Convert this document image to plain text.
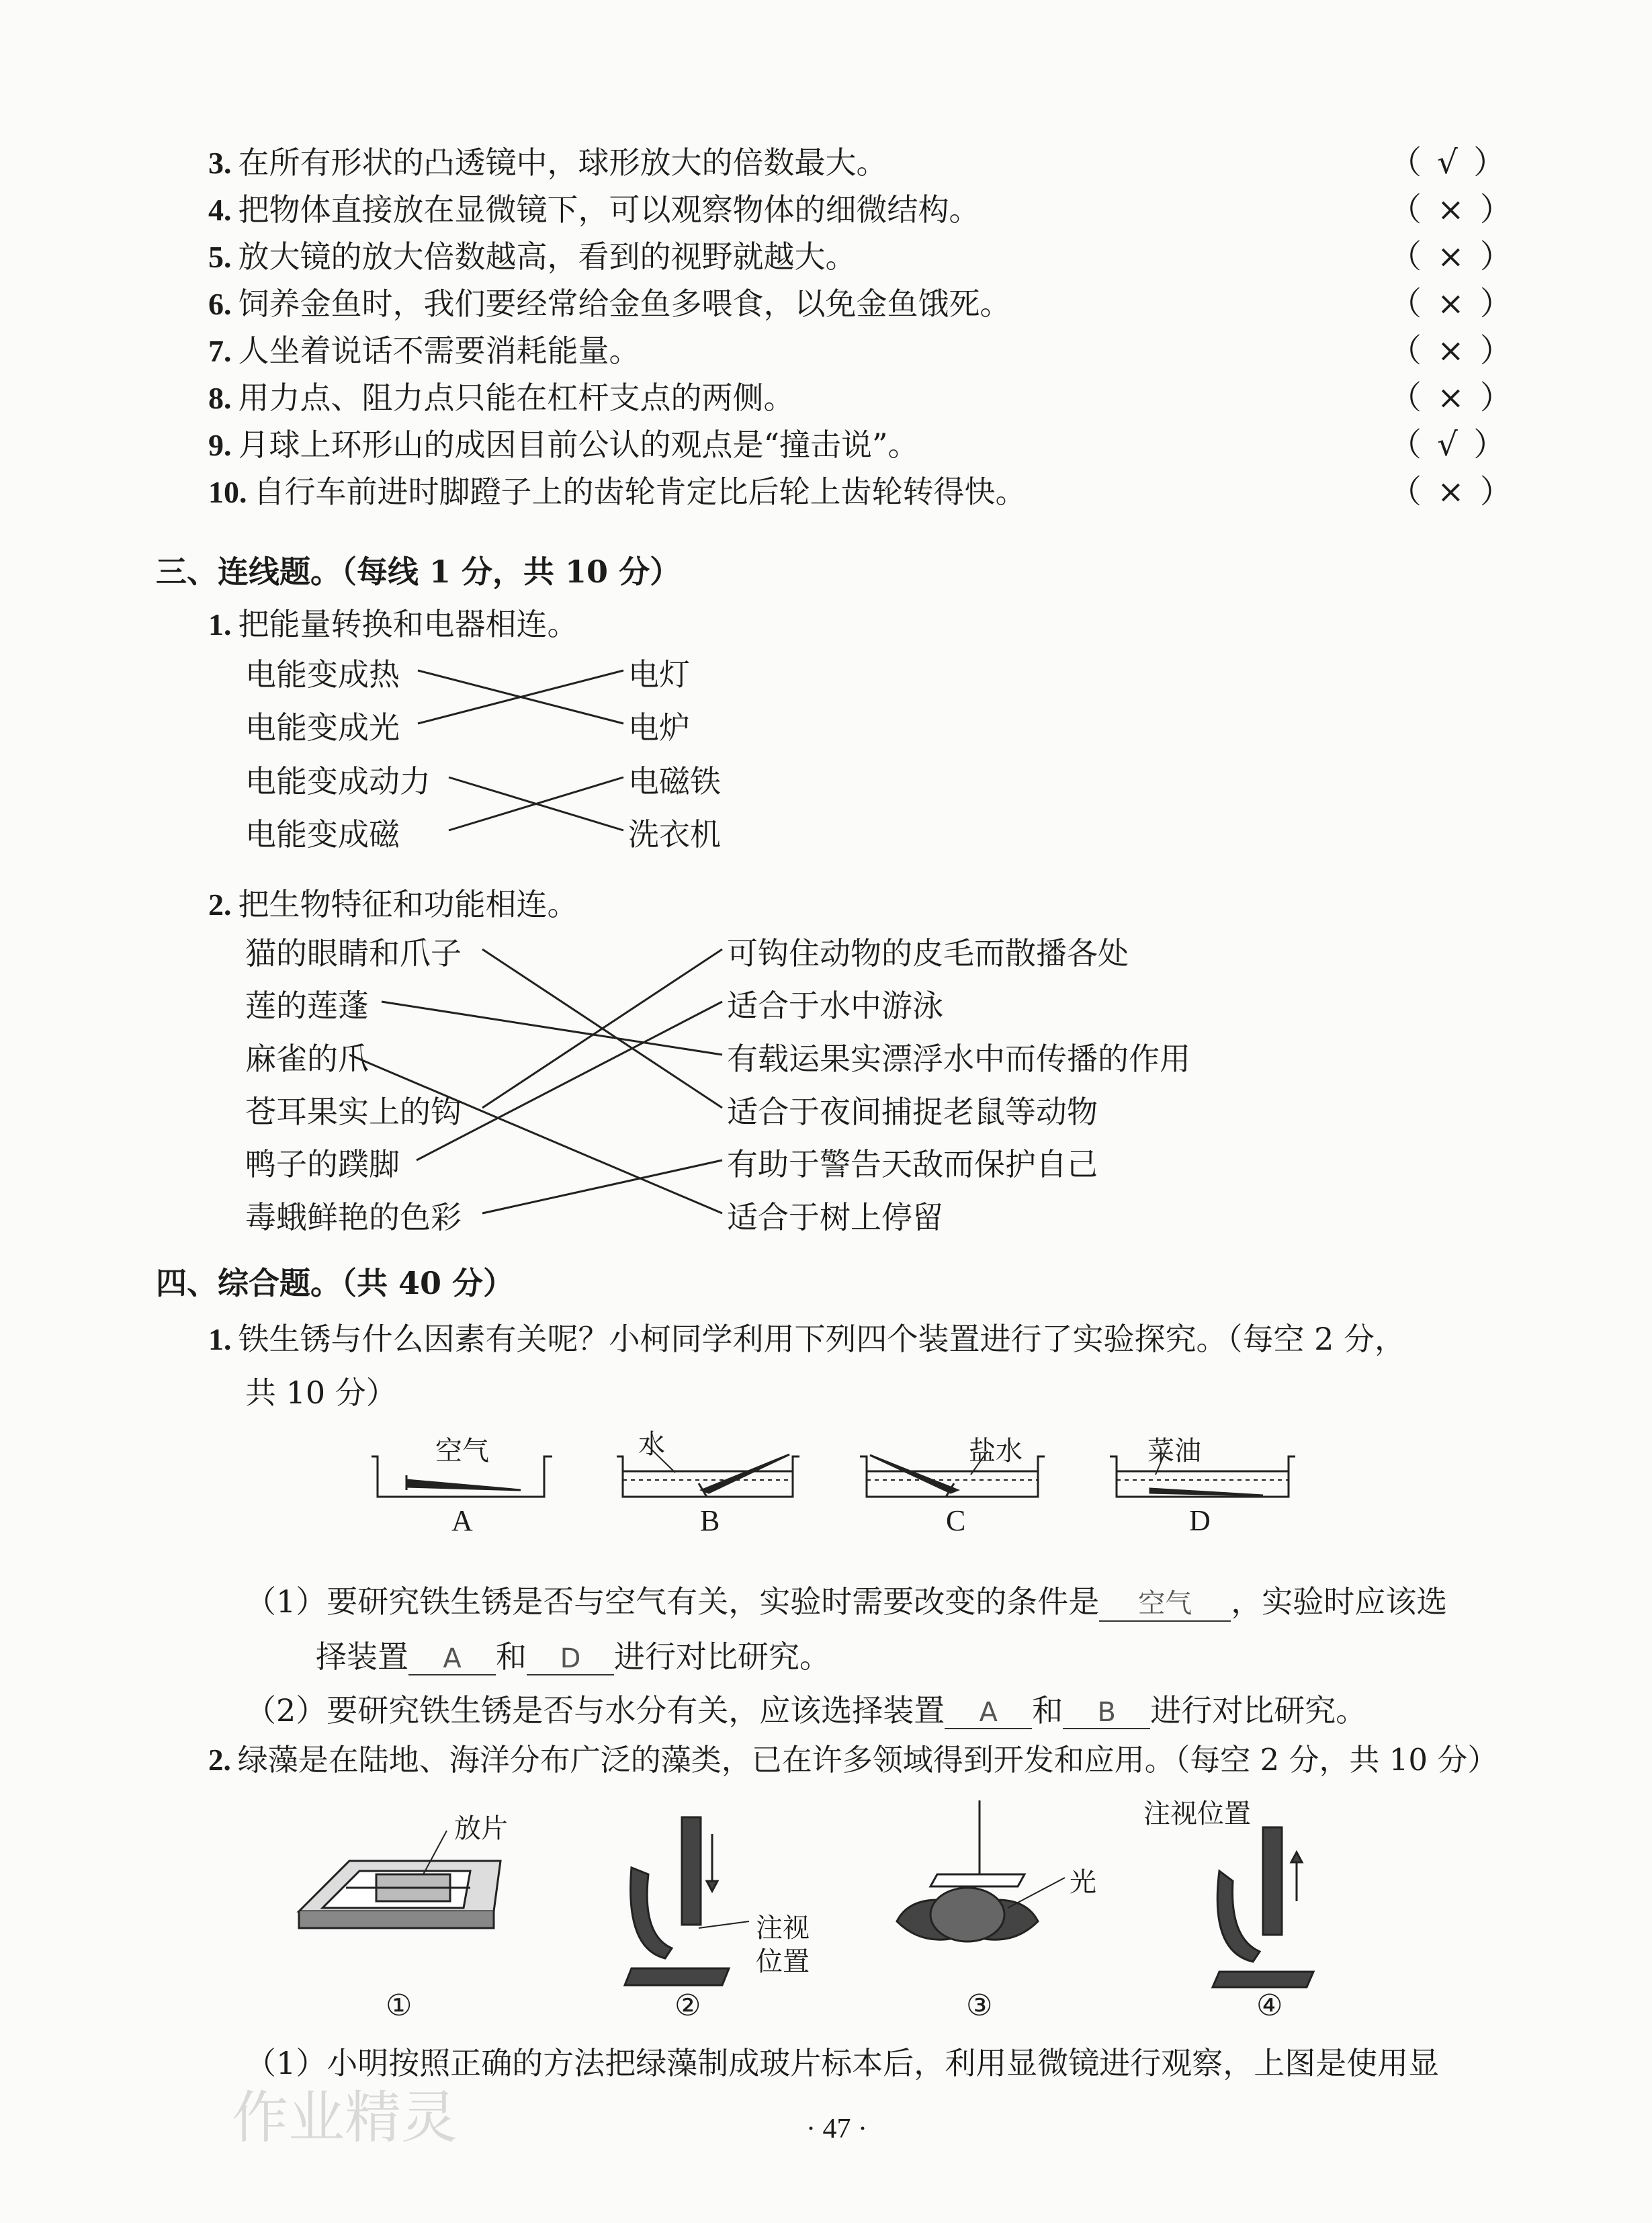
3. 在所有形状的凸透镜中，球形放大的倍数最大。	（ √ ）
4. 把物体直接放在显微镜下，可以观察物体的细微结构。	（ × ）
5. 放大镜的放大倍数越高，看到的视野就越大。	（ × ）
6. 饲养金鱼时，我们要经常给金鱼多喂食，以免金鱼饿死。	（ × ）
7. 人坐着说话不需要消耗能量。	（ × ）
8. 用力点、阻力点只能在杠杆支点的两侧。	（ × ）
9. 月球上环形山的成因目前公认的观点是“撞击说”。	（ √ ）
10. 自行车前进时脚蹬子上的齿轮肯定比后轮上齿轮转得快。	（ × ）
三、连线题。（每线 1 分，共 10 分）
1. 把能量转换和电器相连。
电能变成热
电能变成光
电能变成动力
电能变成磁
电灯
电炉
电磁铁
洗衣机
2. 把生物特征和功能相连。
猫的眼睛和爪子
莲的莲蓬
麻雀的爪
苍耳果实上的钩
鸭子的蹼脚
毒蛾鲜艳的色彩
可钩住动物的皮毛而散播各处
适合于水中游泳
有载运果实漂浮水中而传播的作用
适合于夜间捕捉老鼠等动物
有助于警告天敌而保护自己
适合于树上停留
四、综合题。（共 40 分）
1. 铁生锈与什么因素有关呢？小柯同学利用下列四个装置进行了实验探究。（每空 2 分，
共 10 分）
空气	水	盐水	菜油
A	B	C	D
（1）要研究铁生锈是否与空气有关，实验时需要改变的条件是 空气 ，实验时应该选
择装置 A 和 D 进行对比研究。
（2）要研究铁生锈是否与水分有关，应该选择装置 A 和 B 进行对比研究。
2. 绿藻是在陆地、海洋分布广泛的藻类，已在许多领域得到开发和应用。（每空 2 分，共 10 分）
放片
注视
位置
光
注视位置
①	②	③	④
（1）小明按照正确的方法把绿藻制成玻片标本后，利用显微镜进行观察，上图是使用显
· 47 ·
作业精灵
